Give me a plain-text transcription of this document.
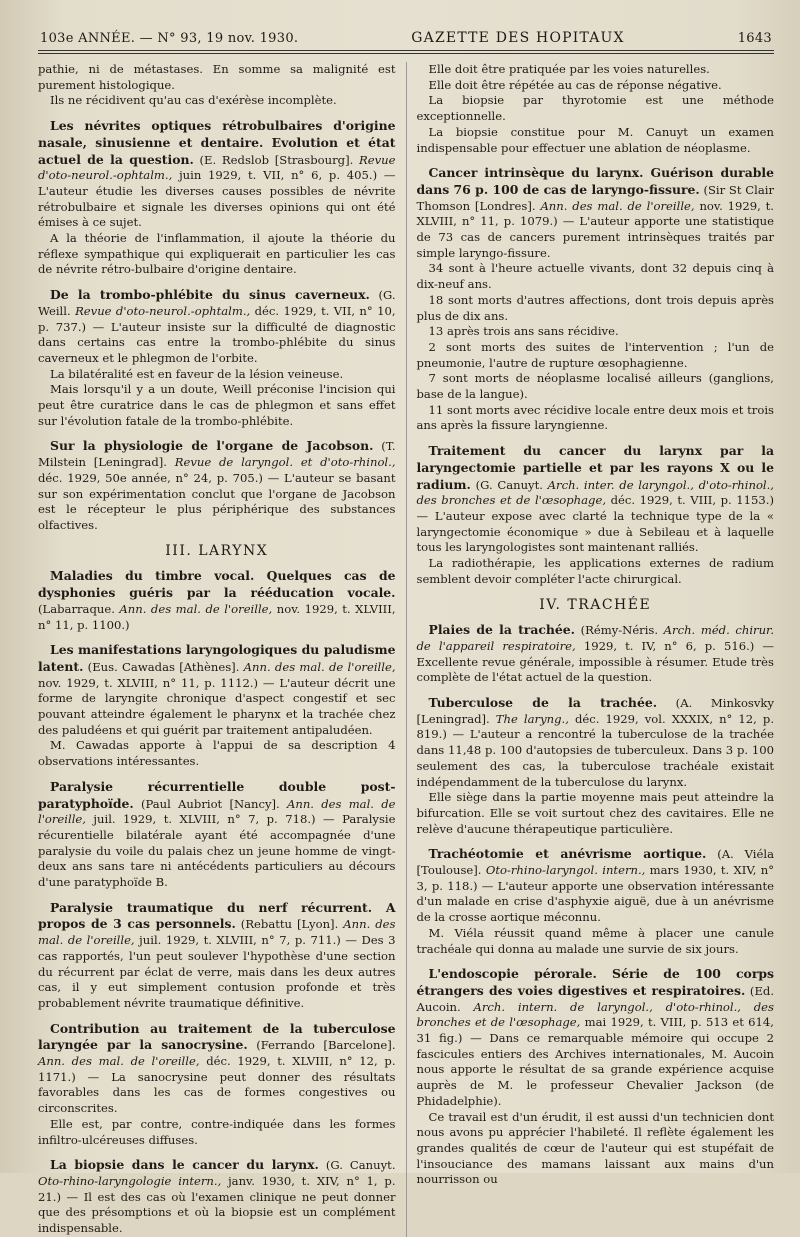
103e ANNÉE. — N° 93, 19 nov. 1930.	GAZETTE DES HOPITAUX	1643

pathie, ni de métastases. En somme sa malignité est purement histologique.

Ils ne récidivent qu'au cas d'exérèse incomplète.

Les névrites optiques rétrobulbaires d'origine nasale, sinusienne et dentaire. Evolution et état actuel de la question. (E. Redslob [Strasbourg]. Revue d'oto-neurol.-ophtalm., juin 1929, t. VII, n° 6, p. 405.) — L'auteur étudie les diverses causes possibles de névrite rétrobulbaire et signale les diverses opinions qui ont été émises à ce sujet.

A la théorie de l'inflammation, il ajoute la théorie du réflexe sympathique qui expliquerait en particulier les cas de névrite rétro-bulbaire d'origine dentaire.

De la trombo-phlébite du sinus caverneux. (G. Weill. Revue d'oto-neurol.-ophtalm., déc. 1929, t. VII, n° 10, p. 737.) — L'auteur insiste sur la difficulté de diagnostic dans certains cas entre la trombo-phlébite du sinus caverneux et le phlegmon de l'orbite.

La bilatéralité est en faveur de la lésion veineuse.

Mais lorsqu'il y a un doute, Weill préconise l'incision qui peut être curatrice dans le cas de phlegmon et sans effet sur l'évolution fatale de la trombo-phlébite.

Sur la physiologie de l'organe de Jacobson. (T. Milstein [Leningrad]. Revue de laryngol. et d'oto-rhinol., déc. 1929, 50e année, n° 24, p. 705.) — L'auteur se basant sur son expérimentation conclut que l'organe de Jacobson est le récepteur le plus périphérique des substances olfactives.

III. LARYNX

Maladies du timbre vocal. Quelques cas de dysphonies guéris par la rééducation vocale. (Labarraque. Ann. des mal. de l'oreille, nov. 1929, t. XLVIII, n° 11, p. 1100.)

Les manifestations laryngologiques du paludisme latent. (Eus. Cawadas [Athènes]. Ann. des mal. de l'oreille, nov. 1929, t. XLVIII, n° 11, p. 1112.) — L'auteur décrit une forme de laryngite chronique d'aspect congestif et sec pouvant atteindre également le pharynx et la trachée chez des paludéens et qui guérit par traitement antipaludéen.

M. Cawadas apporte à l'appui de sa description 4 observations intéressantes.

Paralysie récurrentielle double post-paratyphoïde. (Paul Aubriot [Nancy]. Ann. des mal. de l'oreille, juil. 1929, t. XLVIII, n° 7, p. 718.) — Paralysie récurentielle bilatérale ayant été accompagnée d'une paralysie du voile du palais chez un jeune homme de vingt-deux ans sans tare ni antécédents particuliers au décours d'une paratyphoïde B.

Paralysie traumatique du nerf récurrent. A propos de 3 cas personnels. (Rebattu [Lyon]. Ann. des mal. de l'oreille, juil. 1929, t. XLVIII, n° 7, p. 711.) — Des 3 cas rapportés, l'un peut soulever l'hypothèse d'une section du récurrent par éclat de verre, mais dans les deux autres cas, il y eut simplement contusion profonde et très probablement névrite traumatique définitive.

Contribution au traitement de la tuberculose laryngée par la sanocrysine. (Ferrando [Barcelone]. Ann. des mal. de l'oreille, déc. 1929, t. XLVIII, n° 12, p. 1171.) — La sanocrysine peut donner des résultats favorables dans les cas de formes congestives ou circonscrites.

Elle est, par contre, contre-indiquée dans les formes infiltro-ulcéreuses diffuses.

La biopsie dans le cancer du larynx. (G. Canuyt. Oto-rhino-laryngologie intern., janv. 1930, t. XIV, n° 1, p. 21.) — Il est des cas où l'examen clinique ne peut donner que des présomptions et où la biopsie est un complément indispensable.

Elle doit être pratiquée par les voies naturelles.

Elle doit être répétée au cas de réponse négative.

La biopsie par thyrotomie est une méthode exceptionnelle.

La biopsie constitue pour M. Canuyt un examen indispensable pour effectuer une ablation de néoplasme.

Cancer intrinsèque du larynx. Guérison durable dans 76 p. 100 de cas de laryngo-fissure. (Sir St Clair Thomson [Londres]. Ann. des mal. de l'oreille, nov. 1929, t. XLVIII, n° 11, p. 1079.) — L'auteur apporte une statistique de 73 cas de cancers purement intrinsèques traités par simple laryngo-fissure.

34 sont à l'heure actuelle vivants, dont 32 depuis cinq à dix-neuf ans.

18 sont morts d'autres affections, dont trois depuis après plus de dix ans.

13 après trois ans sans récidive.

2 sont morts des suites de l'intervention ; l'un de pneumonie, l'autre de rupture œsophagienne.

7 sont morts de néoplasme localisé ailleurs (ganglions, base de la langue).

11 sont morts avec récidive locale entre deux mois et trois ans après la fissure laryngienne.

Traitement du cancer du larynx par la laryngectomie partielle et par les rayons X ou le radium. (G. Canuyt. Arch. inter. de laryngol., d'oto-rhinol., des bronches et de l'œsophage, déc. 1929, t. VIII, p. 1153.) — L'auteur expose avec clarté la technique type de la « laryngectomie économique » due à Sebileau et à laquelle tous les laryngologistes sont maintenant ralliés.

La radiothérapie, les applications externes de radium semblent devoir compléter l'acte chirurgical.

IV. TRACHÉE

Plaies de la trachée. (Rémy-Néris. Arch. méd. chirur. de l'appareil respiratoire, 1929, t. IV, n° 6, p. 516.) — Excellente revue générale, impossible à résumer. Etude très complète de l'état actuel de la question.

Tuberculose de la trachée. (A. Minkosvky [Leningrad]. The laryng., déc. 1929, vol. XXXIX, n° 12, p. 819.) — L'auteur a rencontré la tuberculose de la trachée dans 11,48 p. 100 d'autopsies de tuberculeux. Dans 3 p. 100 seulement des cas, la tuberculose trachéale existait indépendamment de la tuberculose du larynx.

Elle siège dans la partie moyenne mais peut atteindre la bifurcation. Elle se voit surtout chez des cavitaires. Elle ne relève d'aucune thérapeutique particulière.

Trachéotomie et anévrisme aortique. (A. Viéla [Toulouse]. Oto-rhino-laryngol. intern., mars 1930, t. XIV, n° 3, p. 118.) — L'auteur apporte une observation intéressante d'un malade en crise d'asphyxie aiguë, due à un anévrisme de la crosse aortique méconnu.

M. Viéla réussit quand même à placer une canule trachéale qui donna au malade une survie de six jours.

L'endoscopie pérorale. Série de 100 corps étrangers des voies digestives et respiratoires. (Ed. Aucoin. Arch. intern. de laryngol., d'oto-rhinol., des bronches et de l'œsophage, mai 1929, t. VIII, p. 513 et 614, 31 fig.) — Dans ce remarquable mémoire qui occupe 2 fascicules entiers des Archives internationales, M. Aucoin nous apporte le résultat de sa grande expérience acquise auprès de M. le professeur Chevalier Jackson (de Phidadelphie).

Ce travail est d'un érudit, il est aussi d'un technicien dont nous avons pu apprécier l'habileté. Il reflète également les grandes qualités de cœur de l'auteur qui est stupéfait de l'insouciance des mamans laissant aux mains d'un nourrisson ou
